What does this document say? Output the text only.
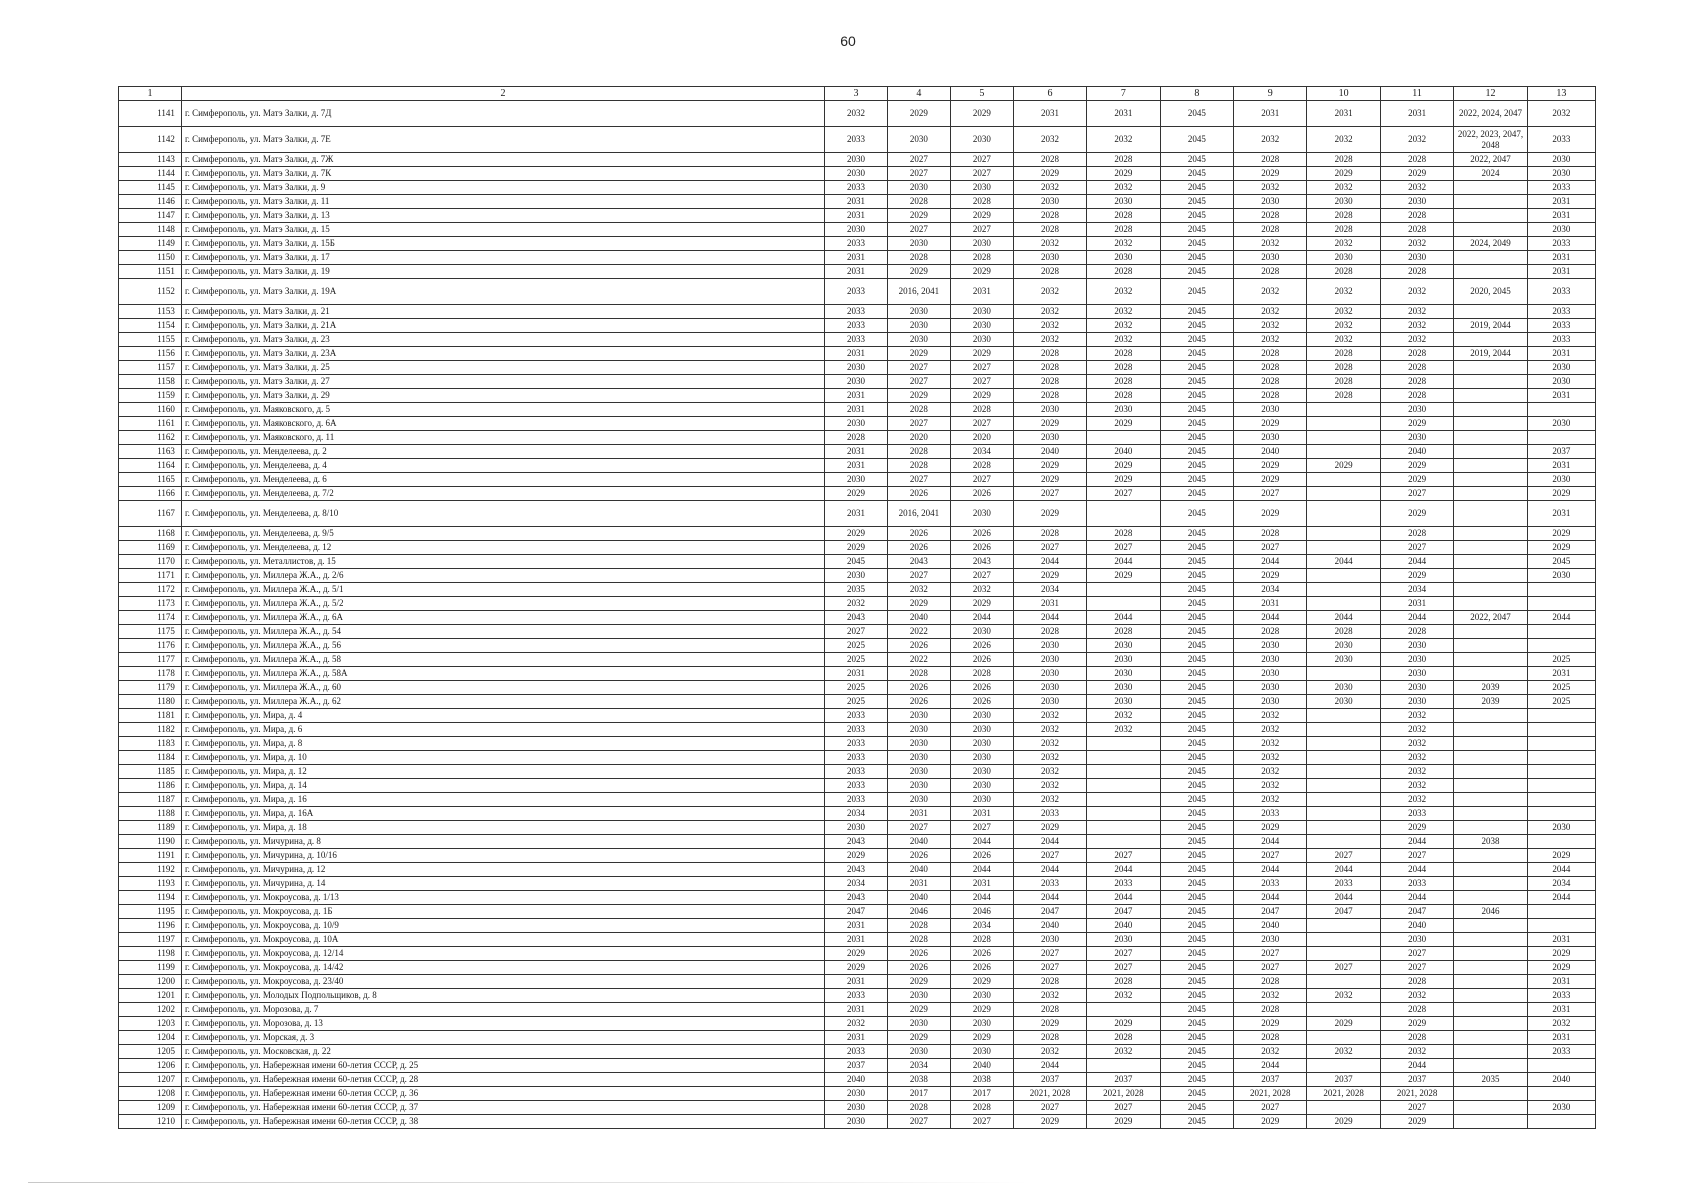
60
1	2	3	4	5	6	7	8	9	10	11	12	13
1141	г. Симферополь, ул. Матэ Залки, д. 7Д	2032	2029	2029	2031	2031	2045	2031	2031	2031	2022, 2024, 2047	2032
1142	г. Симферополь, ул. Матэ Залки, д. 7Е	2033	2030	2030	2032	2032	2045	2032	2032	2032	2022, 2023, 2047, 2048	2033
1143	г. Симферополь, ул. Матэ Залки, д. 7Ж	2030	2027	2027	2028	2028	2045	2028	2028	2028	2022, 2047	2030
1144	г. Симферополь, ул. Матэ Залки, д. 7К	2030	2027	2027	2029	2029	2045	2029	2029	2029	2024	2030
1145	г. Симферополь, ул. Матэ Залки, д. 9	2033	2030	2030	2032	2032	2045	2032	2032	2032		2033
1146	г. Симферополь, ул. Матэ Залки, д. 11	2031	2028	2028	2030	2030	2045	2030	2030	2030		2031
1147	г. Симферополь, ул. Матэ Залки, д. 13	2031	2029	2029	2028	2028	2045	2028	2028	2028		2031
1148	г. Симферополь, ул. Матэ Залки, д. 15	2030	2027	2027	2028	2028	2045	2028	2028	2028		2030
1149	г. Симферополь, ул. Матэ Залки, д. 15Б	2033	2030	2030	2032	2032	2045	2032	2032	2032	2024, 2049	2033
1150	г. Симферополь, ул. Матэ Залки, д. 17	2031	2028	2028	2030	2030	2045	2030	2030	2030		2031
1151	г. Симферополь, ул. Матэ Залки, д. 19	2031	2029	2029	2028	2028	2045	2028	2028	2028		2031
1152	г. Симферополь, ул. Матэ Залки, д. 19А	2033	2016, 2041	2031	2032	2032	2045	2032	2032	2032	2020, 2045	2033
1153	г. Симферополь, ул. Матэ Залки, д. 21	2033	2030	2030	2032	2032	2045	2032	2032	2032		2033
1154	г. Симферополь, ул. Матэ Залки, д. 21А	2033	2030	2030	2032	2032	2045	2032	2032	2032	2019, 2044	2033
1155	г. Симферополь, ул. Матэ Залки, д. 23	2033	2030	2030	2032	2032	2045	2032	2032	2032		2033
1156	г. Симферополь, ул. Матэ Залки, д. 23А	2031	2029	2029	2028	2028	2045	2028	2028	2028	2019, 2044	2031
1157	г. Симферополь, ул. Матэ Залки, д. 25	2030	2027	2027	2028	2028	2045	2028	2028	2028		2030
1158	г. Симферополь, ул. Матэ Залки, д. 27	2030	2027	2027	2028	2028	2045	2028	2028	2028		2030
1159	г. Симферополь, ул. Матэ Залки, д. 29	2031	2029	2029	2028	2028	2045	2028	2028	2028		2031
1160	г. Симферополь, ул. Маяковского, д. 5	2031	2028	2028	2030	2030	2045	2030		2030		
1161	г. Симферополь, ул. Маяковского, д. 6А	2030	2027	2027	2029	2029	2045	2029		2029		2030
1162	г. Симферополь, ул. Маяковского, д. 11	2028	2020	2020	2030		2045	2030		2030		
1163	г. Симферополь, ул. Менделеева, д. 2	2031	2028	2034	2040	2040	2045	2040		2040		2037
1164	г. Симферополь, ул. Менделеева, д. 4	2031	2028	2028	2029	2029	2045	2029	2029	2029		2031
1165	г. Симферополь, ул. Менделеева, д. 6	2030	2027	2027	2029	2029	2045	2029		2029		2030
1166	г. Симферополь, ул. Менделеева, д. 7/2	2029	2026	2026	2027	2027	2045	2027		2027		2029
1167	г. Симферополь, ул. Менделеева, д. 8/10	2031	2016, 2041	2030	2029		2045	2029		2029		2031
1168	г. Симферополь, ул. Менделеева, д. 9/5	2029	2026	2026	2028	2028	2045	2028		2028		2029
1169	г. Симферополь, ул. Менделеева, д. 12	2029	2026	2026	2027	2027	2045	2027		2027		2029
1170	г. Симферополь, ул. Металлистов, д. 15	2045	2043	2043	2044	2044	2045	2044	2044	2044		2045
1171	г. Симферополь, ул. Миллера Ж.А., д. 2/6	2030	2027	2027	2029	2029	2045	2029		2029		2030
1172	г. Симферополь, ул. Миллера Ж.А., д. 5/1	2035	2032	2032	2034		2045	2034		2034		
1173	г. Симферополь, ул. Миллера Ж.А., д. 5/2	2032	2029	2029	2031		2045	2031		2031		
1174	г. Симферополь, ул. Миллера Ж.А., д. 6А	2043	2040	2044	2044	2044	2045	2044	2044	2044	2022, 2047	2044
1175	г. Симферополь, ул. Миллера Ж.А., д. 54	2027	2022	2030	2028	2028	2045	2028	2028	2028		
1176	г. Симферополь, ул. Миллера Ж.А., д. 56	2025	2026	2026	2030	2030	2045	2030	2030	2030		
1177	г. Симферополь, ул. Миллера Ж.А., д. 58	2025	2022	2026	2030	2030	2045	2030	2030	2030		2025
1178	г. Симферополь, ул. Миллера Ж.А., д. 58А	2031	2028	2028	2030	2030	2045	2030		2030		2031
1179	г. Симферополь, ул. Миллера Ж.А., д. 60	2025	2026	2026	2030	2030	2045	2030	2030	2030	2039	2025
1180	г. Симферополь, ул. Миллера Ж.А., д. 62	2025	2026	2026	2030	2030	2045	2030	2030	2030	2039	2025
1181	г. Симферополь, ул. Мира, д. 4	2033	2030	2030	2032	2032	2045	2032		2032		
1182	г. Симферополь, ул. Мира, д. 6	2033	2030	2030	2032	2032	2045	2032		2032		
1183	г. Симферополь, ул. Мира, д. 8	2033	2030	2030	2032		2045	2032		2032		
1184	г. Симферополь, ул. Мира, д. 10	2033	2030	2030	2032		2045	2032		2032		
1185	г. Симферополь, ул. Мира, д. 12	2033	2030	2030	2032		2045	2032		2032		
1186	г. Симферополь, ул. Мира, д. 14	2033	2030	2030	2032		2045	2032		2032		
1187	г. Симферополь, ул. Мира, д. 16	2033	2030	2030	2032		2045	2032		2032		
1188	г. Симферополь, ул. Мира, д. 16А	2034	2031	2031	2033		2045	2033		2033		
1189	г. Симферополь, ул. Мира, д. 18	2030	2027	2027	2029		2045	2029		2029		2030
1190	г. Симферополь, ул. Мичурина, д. 8	2043	2040	2044	2044		2045	2044		2044	2038	
1191	г. Симферополь, ул. Мичурина, д. 10/16	2029	2026	2026	2027	2027	2045	2027	2027	2027		2029
1192	г. Симферополь, ул. Мичурина, д. 12	2043	2040	2044	2044	2044	2045	2044	2044	2044		2044
1193	г. Симферополь, ул. Мичурина, д. 14	2034	2031	2031	2033	2033	2045	2033	2033	2033		2034
1194	г. Симферополь, ул. Мокроусова, д. 1/13	2043	2040	2044	2044	2044	2045	2044	2044	2044		2044
1195	г. Симферополь, ул. Мокроусова, д. 1Б	2047	2046	2046	2047	2047	2045	2047	2047	2047	2046	
1196	г. Симферополь, ул. Мокроусова, д. 10/9	2031	2028	2034	2040	2040	2045	2040		2040		
1197	г. Симферополь, ул. Мокроусова, д. 10А	2031	2028	2028	2030	2030	2045	2030		2030		2031
1198	г. Симферополь, ул. Мокроусова, д. 12/14	2029	2026	2026	2027	2027	2045	2027		2027		2029
1199	г. Симферополь, ул. Мокроусова, д. 14/42	2029	2026	2026	2027	2027	2045	2027	2027	2027		2029
1200	г. Симферополь, ул. Мокроусова, д. 23/40	2031	2029	2029	2028	2028	2045	2028		2028		2031
1201	г. Симферополь, ул. Молодых Подпольщиков, д. 8	2033	2030	2030	2032	2032	2045	2032	2032	2032		2033
1202	г. Симферополь, ул. Морозова, д. 7	2031	2029	2029	2028		2045	2028		2028		2031
1203	г. Симферополь, ул. Морозова, д. 13	2032	2030	2030	2029	2029	2045	2029	2029	2029		2032
1204	г. Симферополь, ул. Морская, д. 3	2031	2029	2029	2028	2028	2045	2028		2028		2031
1205	г. Симферополь, ул. Московская, д. 22	2033	2030	2030	2032	2032	2045	2032	2032	2032		2033
1206	г. Симферополь, ул. Набережная имени 60-летия СССР, д. 25	2037	2034	2040	2044		2045	2044		2044		
1207	г. Симферополь, ул. Набережная имени 60-летия СССР, д. 28	2040	2038	2038	2037	2037	2045	2037	2037	2037	2035	2040
1208	г. Симферополь, ул. Набережная имени 60-летия СССР, д. 36	2030	2017	2017	2021, 2028	2021, 2028	2045	2021, 2028	2021, 2028	2021, 2028		
1209	г. Симферополь, ул. Набережная имени 60-летия СССР, д. 37	2030	2028	2028	2027	2027	2045	2027		2027		2030
1210	г. Симферополь, ул. Набережная имени 60-летия СССР, д. 38	2030	2027	2027	2029	2029	2045	2029	2029	2029		
